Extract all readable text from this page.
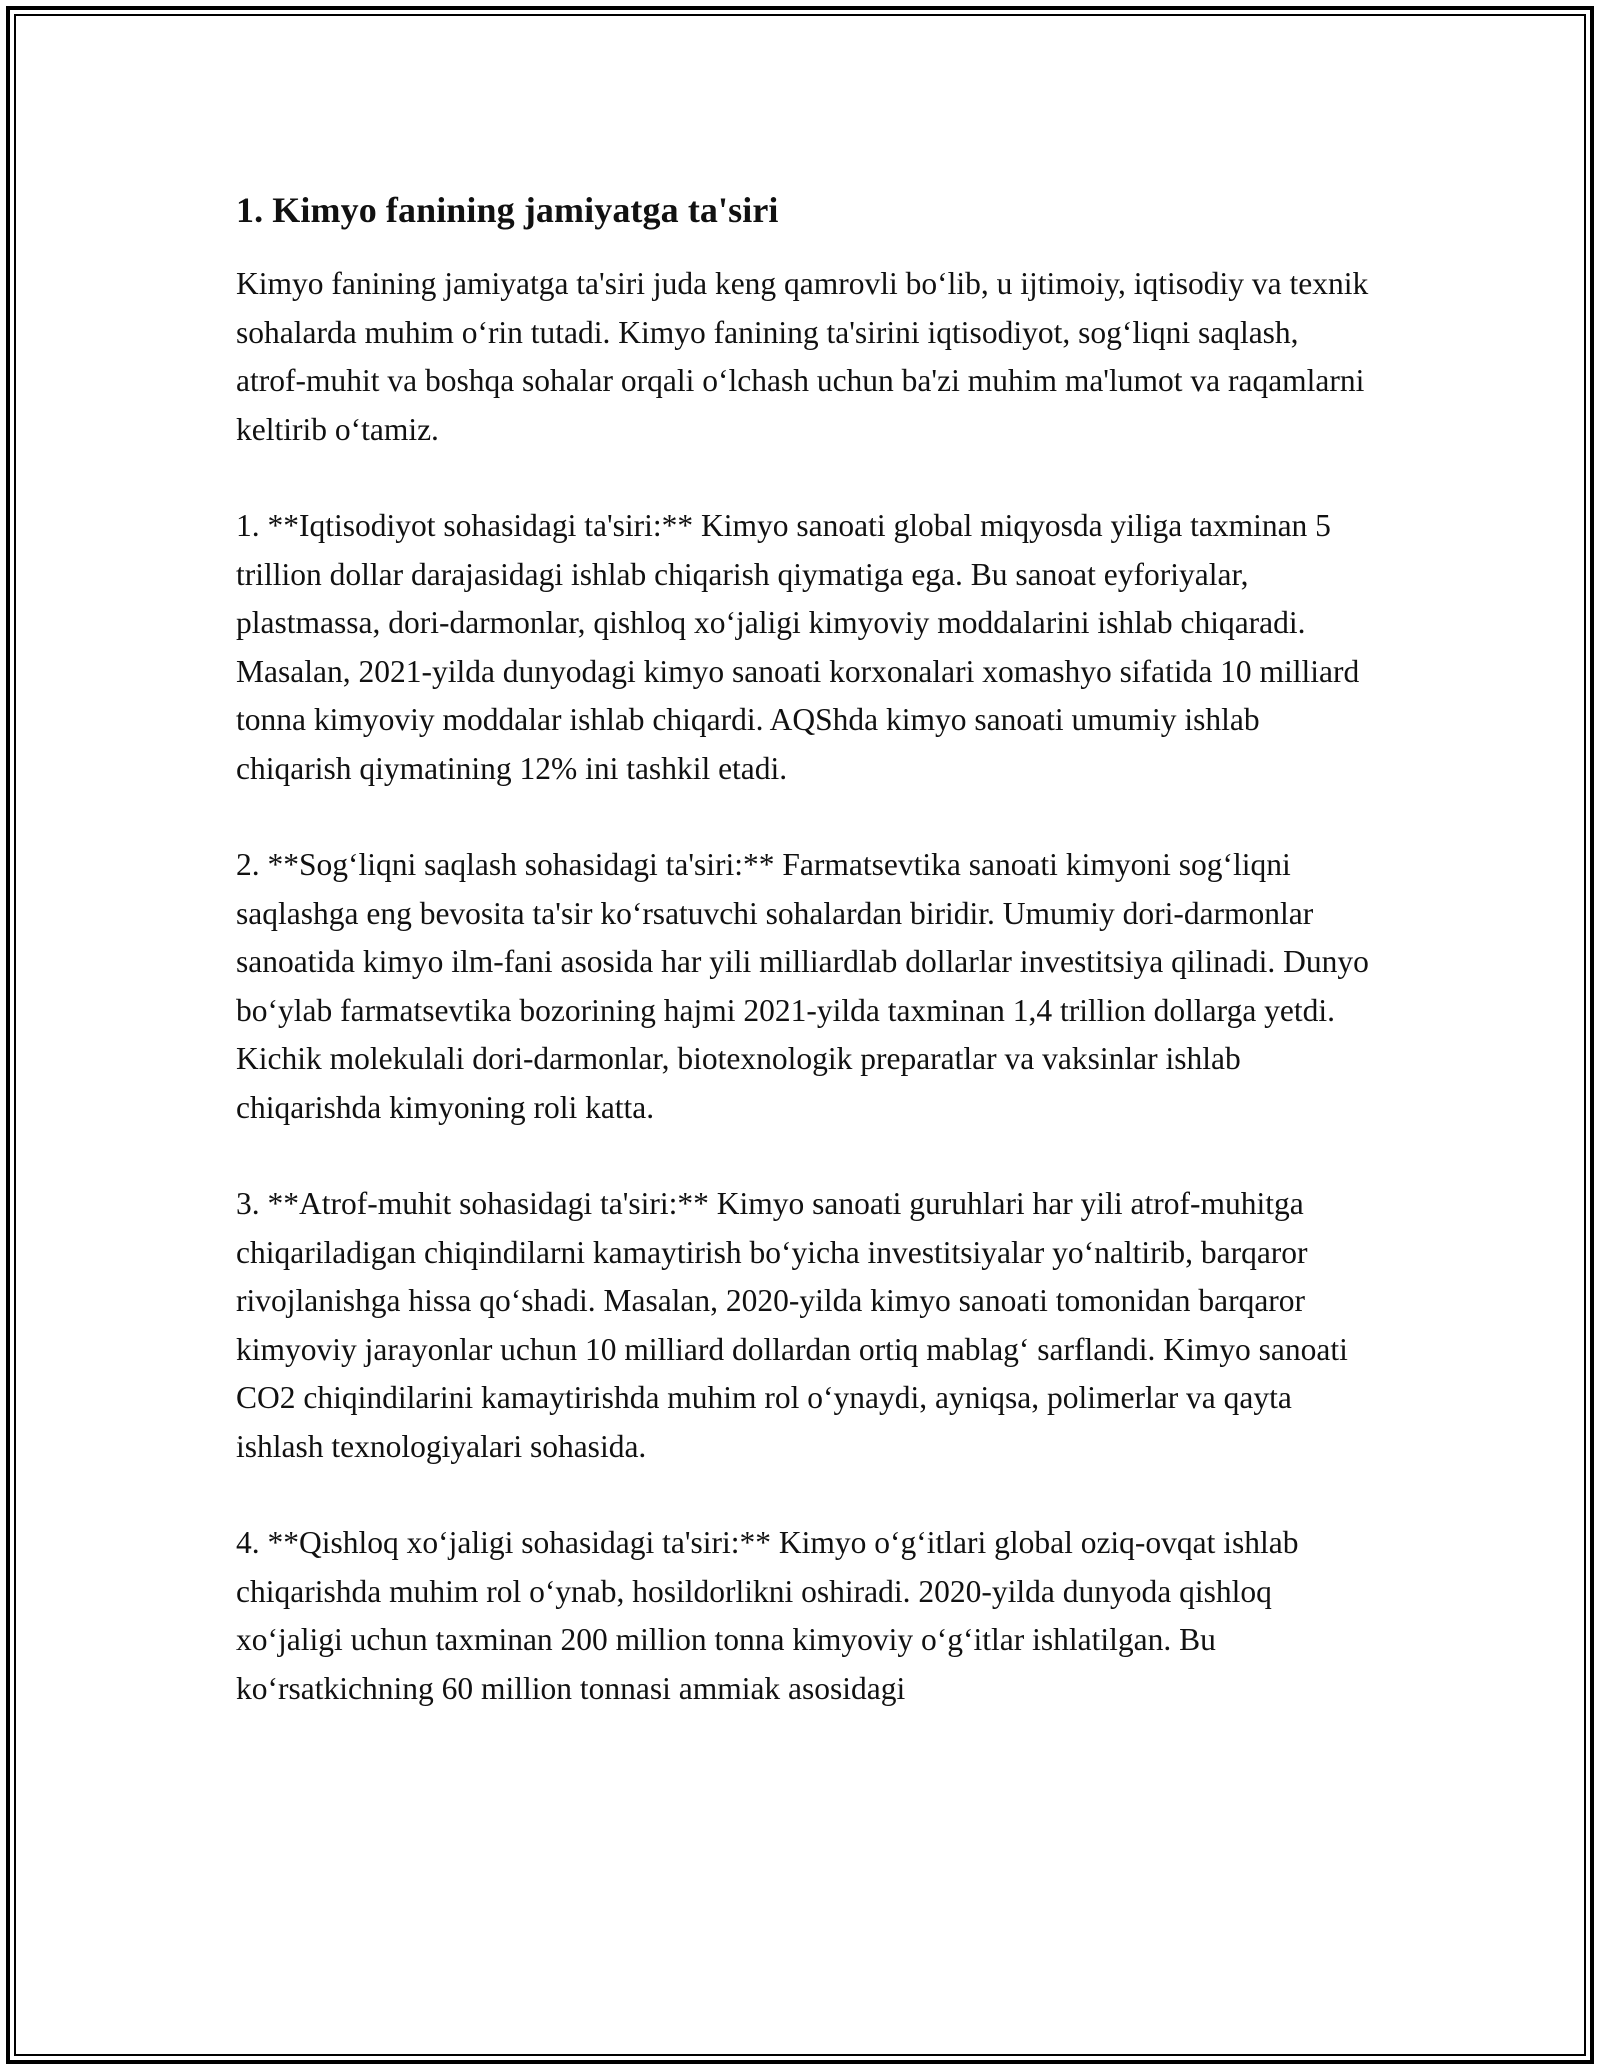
1. Kimyo fanining jamiyatga ta'siri

Kimyo fanining jamiyatga ta'siri juda keng qamrovli bo‘lib, u ijtimoiy, iqtisodiy va texnik sohalarda muhim o‘rin tutadi. Kimyo fanining ta'sirini iqtisodiyot, sog‘liqni saqlash, atrof-muhit va boshqa sohalar orqali o‘lchash uchun ba'zi muhim ma'lumot va raqamlarni keltirib o‘tamiz.

1. **Iqtisodiyot sohasidagi ta'siri:** Kimyo sanoati global miqyosda yiliga taxminan 5 trillion dollar darajasidagi ishlab chiqarish qiymatiga ega. Bu sanoat eyforiyalar, plastmassa, dori-darmonlar, qishloq xo‘jaligi kimyoviy moddalarini ishlab chiqaradi. Masalan, 2021-yilda dunyodagi kimyo sanoati korxonalari xomashyo sifatida 10 milliard tonna kimyoviy moddalar ishlab chiqardi. AQShda kimyo sanoati umumiy ishlab chiqarish qiymatining 12% ini tashkil etadi.

2. **Sog‘liqni saqlash sohasidagi ta'siri:** Farmatsevtika sanoati kimyoni sog‘liqni saqlashga eng bevosita ta'sir ko‘rsatuvchi sohalardan biridir. Umumiy dori-darmonlar sanoatida kimyo ilm-fani asosida har yili milliardlab dollarlar investitsiya qilinadi. Dunyo bo‘ylab farmatsevtika bozorining hajmi 2021-yilda taxminan 1,4 trillion dollarga yetdi. Kichik molekulali dori-darmonlar, biotexnologik preparatlar va vaksinlar ishlab chiqarishda kimyoning roli katta.

3. **Atrof-muhit sohasidagi ta'siri:** Kimyo sanoati guruhlari har yili atrof-muhitga chiqariladigan chiqindilarni kamaytirish bo‘yicha investitsiyalar yo‘naltirib, barqaror rivojlanishga hissa qo‘shadi. Masalan, 2020-yilda kimyo sanoati tomonidan barqaror kimyoviy jarayonlar uchun 10 milliard dollardan ortiq mablag‘ sarflandi. Kimyo sanoati CO2 chiqindilarini kamaytirishda muhim rol o‘ynaydi, ayniqsa, polimerlar va qayta ishlash texnologiyalari sohasida.

4. **Qishloq xo‘jaligi sohasidagi ta'siri:** Kimyo o‘g‘itlari global oziq-ovqat ishlab chiqarishda muhim rol o‘ynab, hosildorlikni oshiradi. 2020-yilda dunyoda qishloq xo‘jaligi uchun taxminan 200 million tonna kimyoviy o‘g‘itlar ishlatilgan. Bu ko‘rsatkichning 60 million tonnasi ammiak asosidagi
